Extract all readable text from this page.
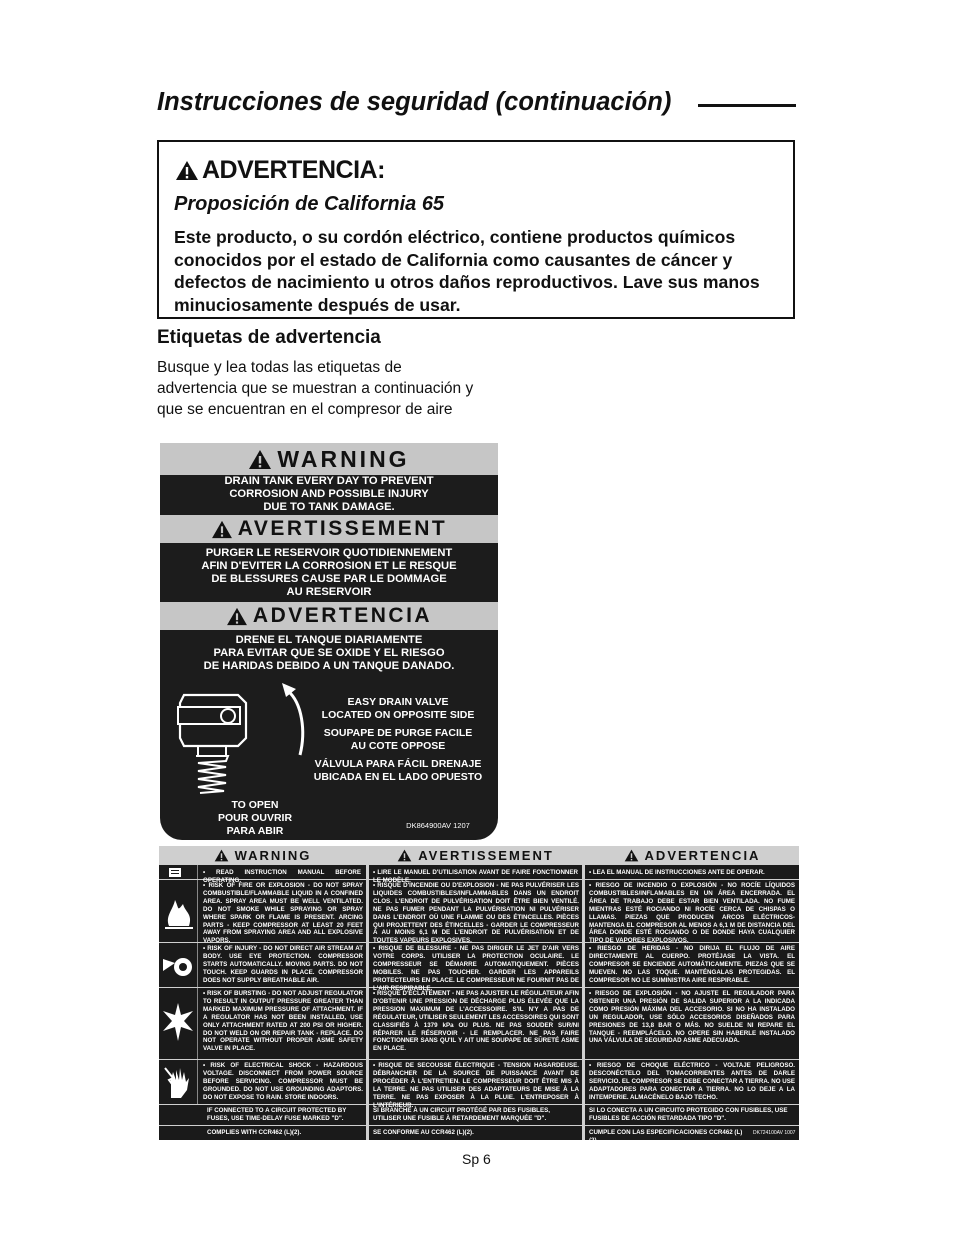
Instrucciones de seguridad (continuación)
ADVERTENCIA:
Proposición de California 65
Este producto, o su cordón eléctrico, contiene productos químicos conocidos por el estado de California como causantes de cáncer y defectos de nacimiento u otros daños reproductivos. Lave sus manos minuciosamente después de usar.
Etiquetas de advertencia
Busque y lea todas las etiquetas de advertencia que se muestran a continuación y que se encuentran en el compresor de aire
WARNING
DRAIN TANK EVERY DAY TO PREVENT
CORROSION AND POSSIBLE INJURY
DUE TO TANK DAMAGE.
AVERTISSEMENT
PURGER LE RESERVOIR QUOTIDIENNEMENT
AFIN D'EVITER LA CORROSION ET LE RESQUE
DE BLESSURES CAUSE PAR LE DOMMAGE
AU RESERVOIR
ADVERTENCIA
DRENE EL TANQUE DIARIAMENTE
PARA EVITAR QUE SE OXIDE Y EL RIESGO
DE HARIDAS DEBIDO A UN TANQUE DANADO.
EASY DRAIN VALVE
LOCATED ON OPPOSITE SIDE
SOUPAPE DE PURGE FACILE
AU COTE OPPOSE
VÁLVULA PARA FÁCIL DRENAJE
UBICADA EN EL LADO OPUESTO
TO OPEN
POUR OUVRIR
PARA ABIR	DK864900AV 1207
WARNING	AVERTISSEMENT	ADVERTENCIA
• READ INSTRUCTION MANUAL BEFORE OPERATING.
• LIRE LE MANUEL D'UTILISATION AVANT DE FAIRE FONCTIONNER LE MODÈLE.
• LEA EL MANUAL DE INSTRUCCIONES ANTE DE OPERAR.
• RISK OF FIRE OR EXPLOSION - DO NOT SPRAY COMBUSTIBLE/FLAMMABLE LIQUID IN A CONFINED AREA. SPRAY AREA MUST BE WELL VENTILATED. DO NOT SMOKE WHILE SPRAYING OR SPRAY WHERE SPARK OR FLAME IS PRESENT. ARCING PARTS - KEEP COMPRESSOR AT LEAST 20 FEET AWAY FROM SPRAYING AREA AND ALL EXPLOSIVE VAPORS.
• RISQUE D'INCENDIE OU D'EXPLOSION - NE PAS PULVÉRISER LES LIQUIDES COMBUSTIBLES/INFLAMMABLES DANS UN ENDROIT CLOS. L'ENDROIT DE PULVÉRISATION DOIT ÊTRE BIEN VENTILÉ. NE PAS FUMER PENDANT LA PULVÉRISATION NI PULVÉRISER DANS L'ENDROIT OÙ UNE FLAMME OU DES ÉTINCELLES. PIÈCES QUI PROJETTENT DES ÉTINCELLES - GARDER LE COMPRESSEUR À AU MOINS 6,1 M DE L'ENDROIT DE PULVÉRISATION ET DE TOUTES VAPEURS EXPLOSIVES.
• RIESGO DE INCENDIO O EXPLOSIÓN - NO ROCÍE LÍQUIDOS COMBUSTIBLES/INFLAMABLES EN UN ÁREA ENCERRADA. EL ÁREA DE TRABAJO DEBE ESTAR BIEN VENTILADA. NO FUME MIENTRAS ESTÉ ROCIANDO NI ROCÍE CERCA DE CHISPAS O LLAMAS. PIEZAS QUE PRODUCEN ARCOS ELÉCTRICOS-MANTENGA EL COMPRESOR AL MENOS A 6,1 M DE DISTANCIA DEL ÁREA DONDE ESTÉ ROCIANDO O DE DONDE HAYA CUALQUIER TIPO DE VAPORES EXPLOSIVOS.
• RISK OF INJURY - DO NOT DIRECT AIR STREAM AT BODY. USE EYE PROTECTION. COMPRESSOR STARTS AUTOMATICALLY. MOVING PARTS. DO NOT TOUCH. KEEP GUARDS IN PLACE. COMPRESSOR DOES NOT SUPPLY BREATHABLE AIR.
• RISQUE DE BLESSURE - NE PAS DIRIGER LE JET D'AIR VERS VOTRE CORPS. UTILISER LA PROTECTION OCULAIRE. LE COMPRESSEUR SE DÉMARRE AUTOMATIQUEMENT. PIÈCES MOBILES. NE PAS TOUCHER. GARDER LES APPAREILS PROTECTEURS EN PLACE. LE COMPRESSEUR NE FOURNIT PAS DE L'AIR RESPIRABLE.
• RIESGO DE HERIDAS - NO DIRIJA EL FLUJO DE AIRE DIRECTAMENTE AL CUERPO. PROTÉJASE LA VISTA. EL COMPRESOR SE ENCIENDE AUTOMÁTICAMENTE. PIEZAS QUE SE MUEVEN. NO LAS TOQUE. MANTÉNGALAS PROTEGIDAS. EL COMPRESOR NO LE SUMINISTRA AIRE RESPIRABLE.
• RISK OF BURSTING - DO NOT ADJUST REGULATOR TO RESULT IN OUTPUT PRESSURE GREATER THAN MARKED MAXIMUM PRESSURE OF ATTACHMENT. IF A REGULATOR HAS NOT BEEN INSTALLED, USE ONLY ATTACHMENT RATED AT 200 PSI OR HIGHER. DO NOT WELD ON OR REPAIR TANK - REPLACE. DO NOT OPERATE WITHOUT PROPER ASME SAFETY VALVE IN PLACE.
• RISQUE D'ÉCLATEMENT - NE PAS AJUSTER LE RÉGULATEUR AFIN D'OBTENIR UNE PRESSION DE DÉCHARGE PLUS ÉLEVÉE QUE LA PRESSION MAXIMUM DE L'ACCESSOIRE. S'IL N'Y A PAS DE RÉGULATEUR, UTILISER SEULEMENT LES ACCESSOIRES QUI SONT CLASSIFIÉS À 1379 kPa OU PLUS. NE PAS SOUDER SUR/NI RÉPARER LE RÉSERVOIR - LE REMPLACER. NE PAS FAIRE FONCTIONNER SANS QU'IL Y AIT UNE SOUPAPE DE SÛRETÉ ASME EN PLACE.
• RIESGO DE EXPLOSIÓN - NO AJUSTE EL REGULADOR PARA OBTENER UNA PRESIÓN DE SALIDA SUPERIOR A LA INDICADA COMO PRESIÓN MÁXIMA DEL ACCESORIO. SI NO HA INSTALADO UN REGULADOR, USE SÓLO ACCESORIOS DISEÑADOS PARA PRESIONES DE 13,8 BAR O MÁS. NO SUELDE NI REPARE EL TANQUE - REEMPLÁCELO. NO OPERE SIN HABERLE INSTALADO UNA VÁLVULA DE SEGURIDAD ASME ADECUADA.
• RISK OF ELECTRICAL SHOCK - HAZARDOUS VOLTAGE. DISCONNECT FROM POWER SOURCE BEFORE SERVICING. COMPRESSOR MUST BE GROUNDED. DO NOT USE GROUNDING ADAPTORS. DO NOT EXPOSE TO RAIN. STORE INDOORS.
• RISQUE DE SECOUSSE ÉLECTRIQUE - TENSION HASARDEUSE. DÉBRANCHER DE LA SOURCE DE PUISSANCE AVANT DE PROCÉDER À L'ENTRETIEN. LE COMPRESSEUR DOIT ÊTRE MIS À LA TERRE. NE PAS UTILISER DES ADAPTATEURS DE MISE À LA TERRE. NE PAS EXPOSER À LA PLUIE. L'ENTREPOSER À L'INTÉRIEUR.
• RIESGO DE CHOQUE ELÉCTRICO - VOLTAJE PELIGROSO. DESCONÉCTELO DEL TOMACORRIENTES ANTES DE DARLE SERVICIO. EL COMPRESOR SE DEBE CONECTAR A TIERRA. NO USE ADAPTADORES PARA CONECTAR A TIERRA. NO LO DEJE A LA INTEMPERIE. ALMACÉNELO BAJO TECHO.
IF CONNECTED TO A CIRCUIT PROTECTED BY FUSES, USE TIME-DELAY FUSE MARKED "D".
SI BRANCHÉ À UN CIRCUIT PROTÉGÉ PAR DES FUSIBLES, UTILISER UNE FUSIBLE À RETARDEMENT MARQUÉE "D".
SI LO CONECTA A UN CIRCUITO PROTEGIDO CON FUSIBLES, USE FUSIBLES DE ACCIÓN RETARDADA TIPO "D".
COMPLIES WITH CCR462 (L)(2).	SE CONFORME AU CCR462 (L)(2).	CUMPLE CON LAS ESPECIFICACIONES CCR462 (L)(2).
DK724100AV 1007
Sp 6
